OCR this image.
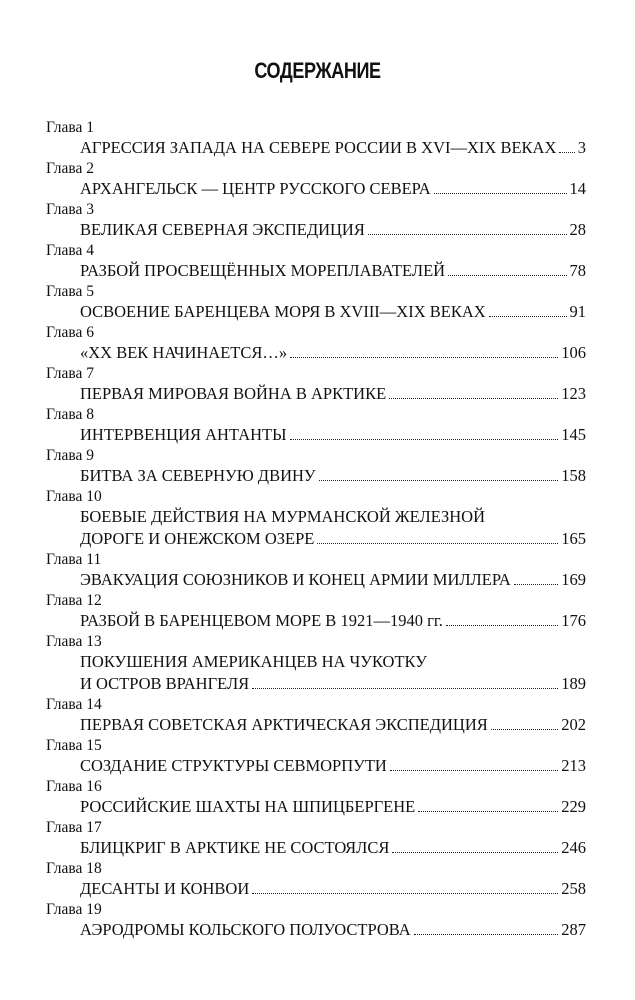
СОДЕРЖАНИЕ
Глава 1
АГРЕССИЯ ЗАПАДА НА СЕВЕРЕ РОССИИ В XVI—XIX ВЕКАХ 3
Глава 2
АРХАНГЕЛЬСК — ЦЕНТР РУССКОГО СЕВЕРА	14
Глава 3
ВЕЛИКАЯ СЕВЕРНАЯ ЭКСПЕДИЦИЯ	28
Глава 4
РАЗБОЙ ПРОСВЕЩЁННЫХ МОРЕПЛАВАТЕЛЕЙ	78
Глава 5
ОСВОЕНИЕ БАРЕНЦЕВА МОРЯ В XVIII—XIX ВЕКАХ	91
Глава 6
«XX ВЕК НАЧИНАЕТСЯ…»	106
Глава 7
ПЕРВАЯ МИРОВАЯ ВОЙНА В АРКТИКЕ	123
Глава 8
ИНТЕРВЕНЦИЯ АНТАНТЫ	145
Глава 9
БИТВА ЗА СЕВЕРНУЮ ДВИНУ	158
Глава 10
БОЕВЫЕ ДЕЙСТВИЯ НА МУРМАНСКОЙ ЖЕЛЕЗНОЙ
ДОРОГЕ И ОНЕЖСКОМ ОЗЕРЕ	165
Глава 11
ЭВАКУАЦИЯ СОЮЗНИКОВ И КОНЕЦ АРМИИ МИЛЛЕРА	169
Глава 12
РАЗБОЙ В БАРЕНЦЕВОМ МОРЕ В 1921—1940 гг.	176
Глава 13
ПОКУШЕНИЯ АМЕРИКАНЦЕВ НА ЧУКОТКУ
И ОСТРОВ ВРАНГЕЛЯ	189
Глава 14
ПЕРВАЯ СОВЕТСКАЯ АРКТИЧЕСКАЯ ЭКСПЕДИЦИЯ	202
Глава 15
СОЗДАНИЕ СТРУКТУРЫ СЕВМОРПУТИ	213
Глава 16
РОССИЙСКИЕ ШАХТЫ НА ШПИЦБЕРГЕНЕ	229
Глава 17
БЛИЦКРИГ В АРКТИКЕ НЕ СОСТОЯЛСЯ	246
Глава 18
ДЕСАНТЫ И КОНВОИ	258
Глава 19
АЭРОДРОМЫ КОЛЬСКОГО ПОЛУОСТРОВА	287
